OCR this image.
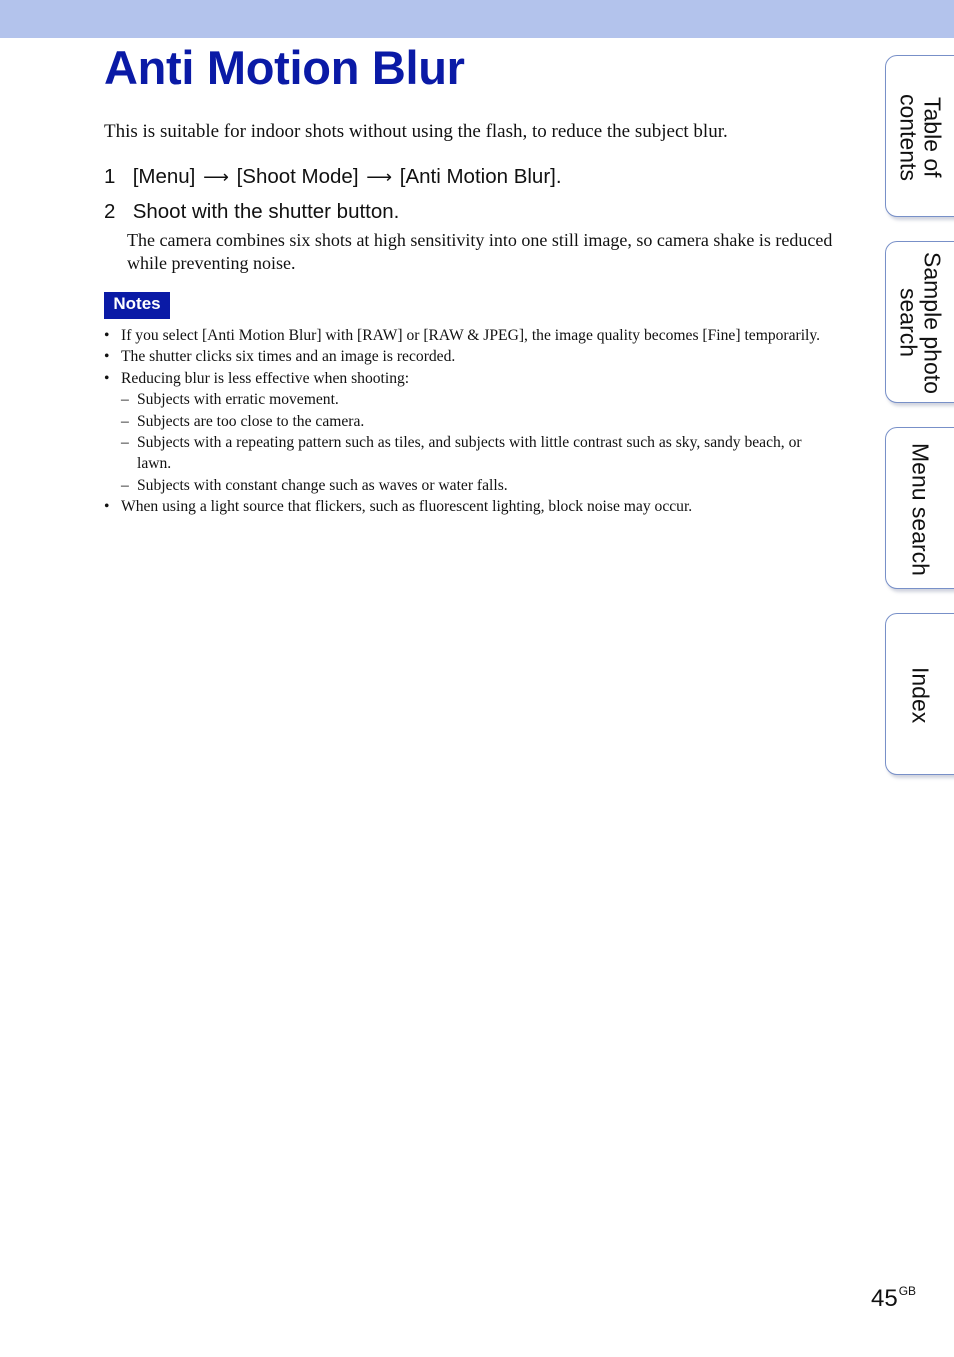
Anti Motion Blur

This is suitable for indoor shots without using the flash, to reduce the subject blur.

1 [Menu] ⟶ [Shoot Mode] ⟶ [Anti Motion Blur].
2 Shoot with the shutter button.

The camera combines six shots at high sensitivity into one still image, so camera shake is reduced while preventing noise.

Notes
• If you select [Anti Motion Blur] with [RAW] or [RAW & JPEG], the image quality becomes [Fine] temporarily.
• The shutter clicks six times and an image is recorded.
• Reducing blur is less effective when shooting:
– Subjects with erratic movement.
– Subjects are too close to the camera.
– Subjects with a repeating pattern such as tiles, and subjects with little contrast such as sky, sandy beach, or lawn.
– Subjects with constant change such as waves or water falls.
• When using a light source that flickers, such as fluorescent lighting, block noise may occur.
Table of contents
Sample photo search
Menu search
Index
$45^{GB}$
